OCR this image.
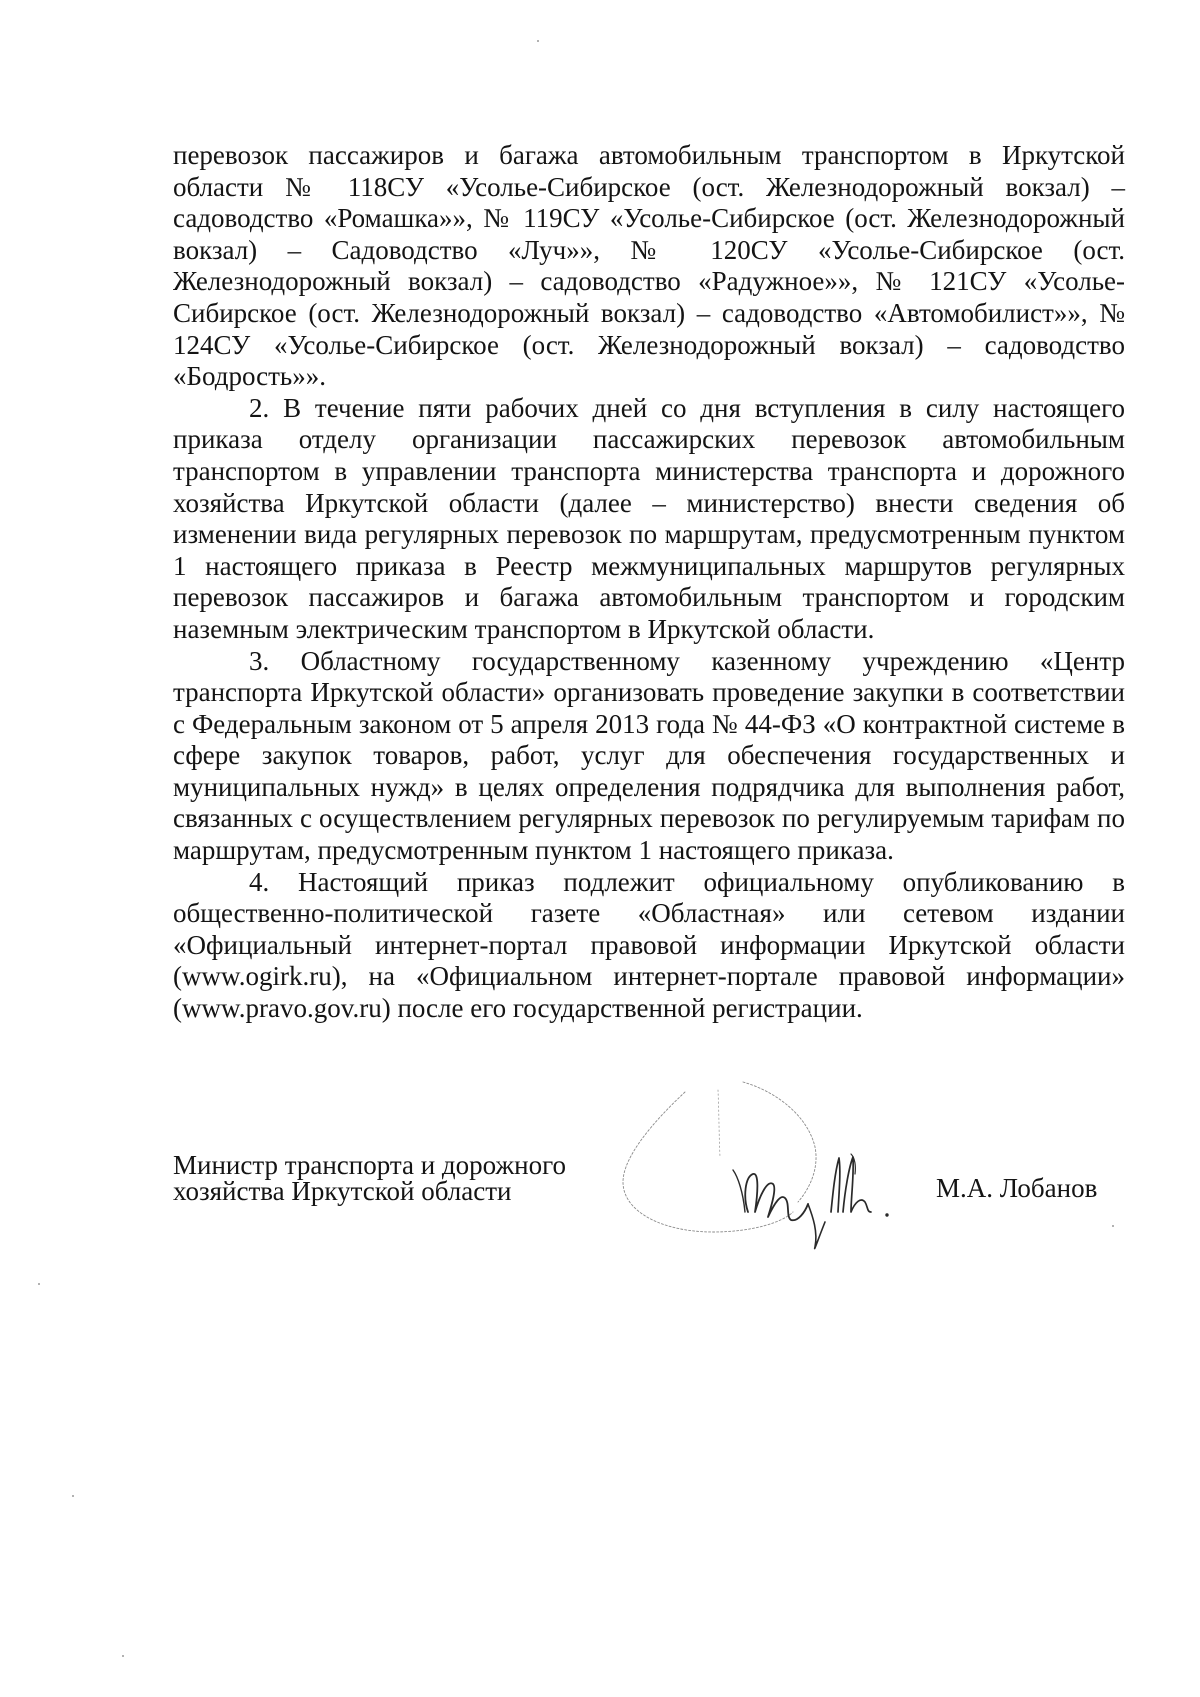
перевозок пассажиров и багажа автомобильным транспортом в Иркутской области № 118СУ «Усолье-Сибирское (ост. Железнодорожный вокзал) – садоводство «Ромашка»», № 119СУ «Усолье-Сибирское (ост. Железнодорожный вокзал) – Садоводство «Луч»», № 120СУ «Усолье-Сибирское (ост. Железнодорожный вокзал) – садоводство «Радужное»», № 121СУ «Усолье-Сибирское (ост. Железнодорожный вокзал) – садоводство «Автомобилист»», № 124СУ «Усолье-Сибирское (ост. Железнодорожный вокзал) – садоводство «Бодрость»».

2. В течение пяти рабочих дней со дня вступления в силу настоящего приказа отделу организации пассажирских перевозок автомобильным транспортом в управлении транспорта министерства транспорта и дорожного хозяйства Иркутской области (далее – министерство) внести сведения об изменении вида регулярных перевозок по маршрутам, предусмотренным пунктом 1 настоящего приказа в Реестр межмуниципальных маршрутов регулярных перевозок пассажиров и багажа автомобильным транспортом и городским наземным электрическим транспортом в Иркутской области.

3. Областному государственному казенному учреждению «Центр транспорта Иркутской области» организовать проведение закупки в соответствии с Федеральным законом от 5 апреля 2013 года № 44-ФЗ «О контрактной системе в сфере закупок товаров, работ, услуг для обеспечения государственных и муниципальных нужд» в целях определения подрядчика для выполнения работ, связанных с осуществлением регулярных перевозок по регулируемым тарифам по маршрутам, предусмотренным пунктом 1 настоящего приказа.

4. Настоящий приказ подлежит официальному опубликованию в общественно-политической газете «Областная» или сетевом издании «Официальный интернет-портал правовой информации Иркутской области (www.ogirk.ru), на «Официальном интернет-портале правовой информации» (www.pravo.gov.ru) после его государственной регистрации.

Министр транспорта и дорожного
хозяйства Иркутской области	М.А. Лобанов
